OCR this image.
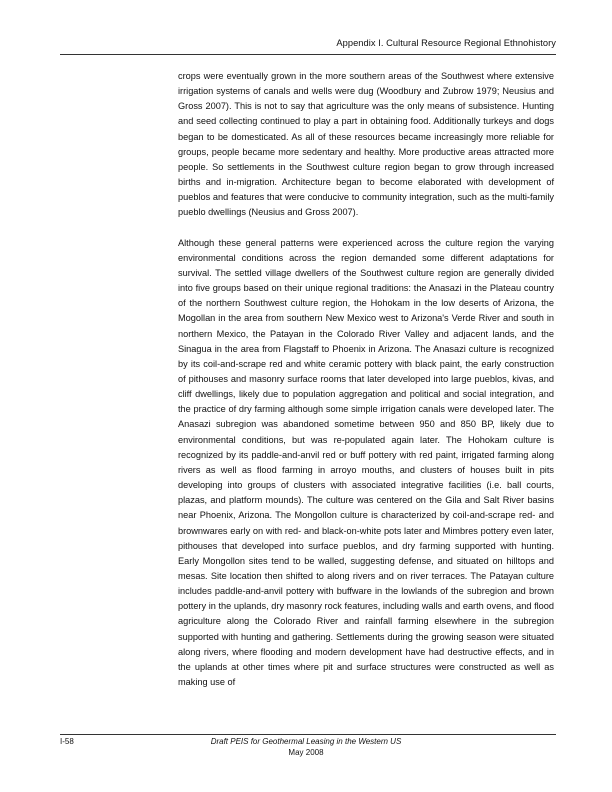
Appendix I. Cultural Resource Regional Ethnohistory

crops were eventually grown in the more southern areas of the Southwest where extensive irrigation systems of canals and wells were dug (Woodbury and Zubrow 1979; Neusius and Gross 2007). This is not to say that agriculture was the only means of subsistence. Hunting and seed collecting continued to play a part in obtaining food. Additionally turkeys and dogs began to be domesticated. As all of these resources became increasingly more reliable for groups, people became more sedentary and healthy. More productive areas attracted more people. So settlements in the Southwest culture region began to grow through increased births and in-migration. Architecture began to become elaborated with development of pueblos and features that were conducive to community integration, such as the multi-family pueblo dwellings (Neusius and Gross 2007).

Although these general patterns were experienced across the culture region the varying environmental conditions across the region demanded some different adaptations for survival. The settled village dwellers of the Southwest culture region are generally divided into five groups based on their unique regional traditions: the Anasazi in the Plateau country of the northern Southwest culture region, the Hohokam in the low deserts of Arizona, the Mogollan in the area from southern New Mexico west to Arizona's Verde River and south in northern Mexico, the Patayan in the Colorado River Valley and adjacent lands, and the Sinagua in the area from Flagstaff to Phoenix in Arizona. The Anasazi culture is recognized by its coil-and-scrape red and white ceramic pottery with black paint, the early construction of pithouses and masonry surface rooms that later developed into large pueblos, kivas, and cliff dwellings, likely due to population aggregation and political and social integration, and the practice of dry farming although some simple irrigation canals were developed later. The Anasazi subregion was abandoned sometime between 950 and 850 BP, likely due to environmental conditions, but was re-populated again later. The Hohokam culture is recognized by its paddle-and-anvil red or buff pottery with red paint, irrigated farming along rivers as well as flood farming in arroyo mouths, and clusters of houses built in pits developing into groups of clusters with associated integrative facilities (i.e. ball courts, plazas, and platform mounds). The culture was centered on the Gila and Salt River basins near Phoenix, Arizona. The Mongollon culture is characterized by coil-and-scrape red- and brownwares early on with red- and black-on-white pots later and Mimbres pottery even later, pithouses that developed into surface pueblos, and dry farming supported with hunting. Early Mongollon sites tend to be walled, suggesting defense, and situated on hilltops and mesas. Site location then shifted to along rivers and on river terraces. The Patayan culture includes paddle-and-anvil pottery with buffware in the lowlands of the subregion and brown pottery in the uplands, dry masonry rock features, including walls and earth ovens, and flood agriculture along the Colorado River and rainfall farming elsewhere in the subregion supported with hunting and gathering. Settlements during the growing season were situated along rivers, where flooding and modern development have had destructive effects, and in the uplands at other times where pit and surface structures were constructed as well as making use of

I-58	Draft PEIS for Geothermal Leasing in the Western US
May 2008
